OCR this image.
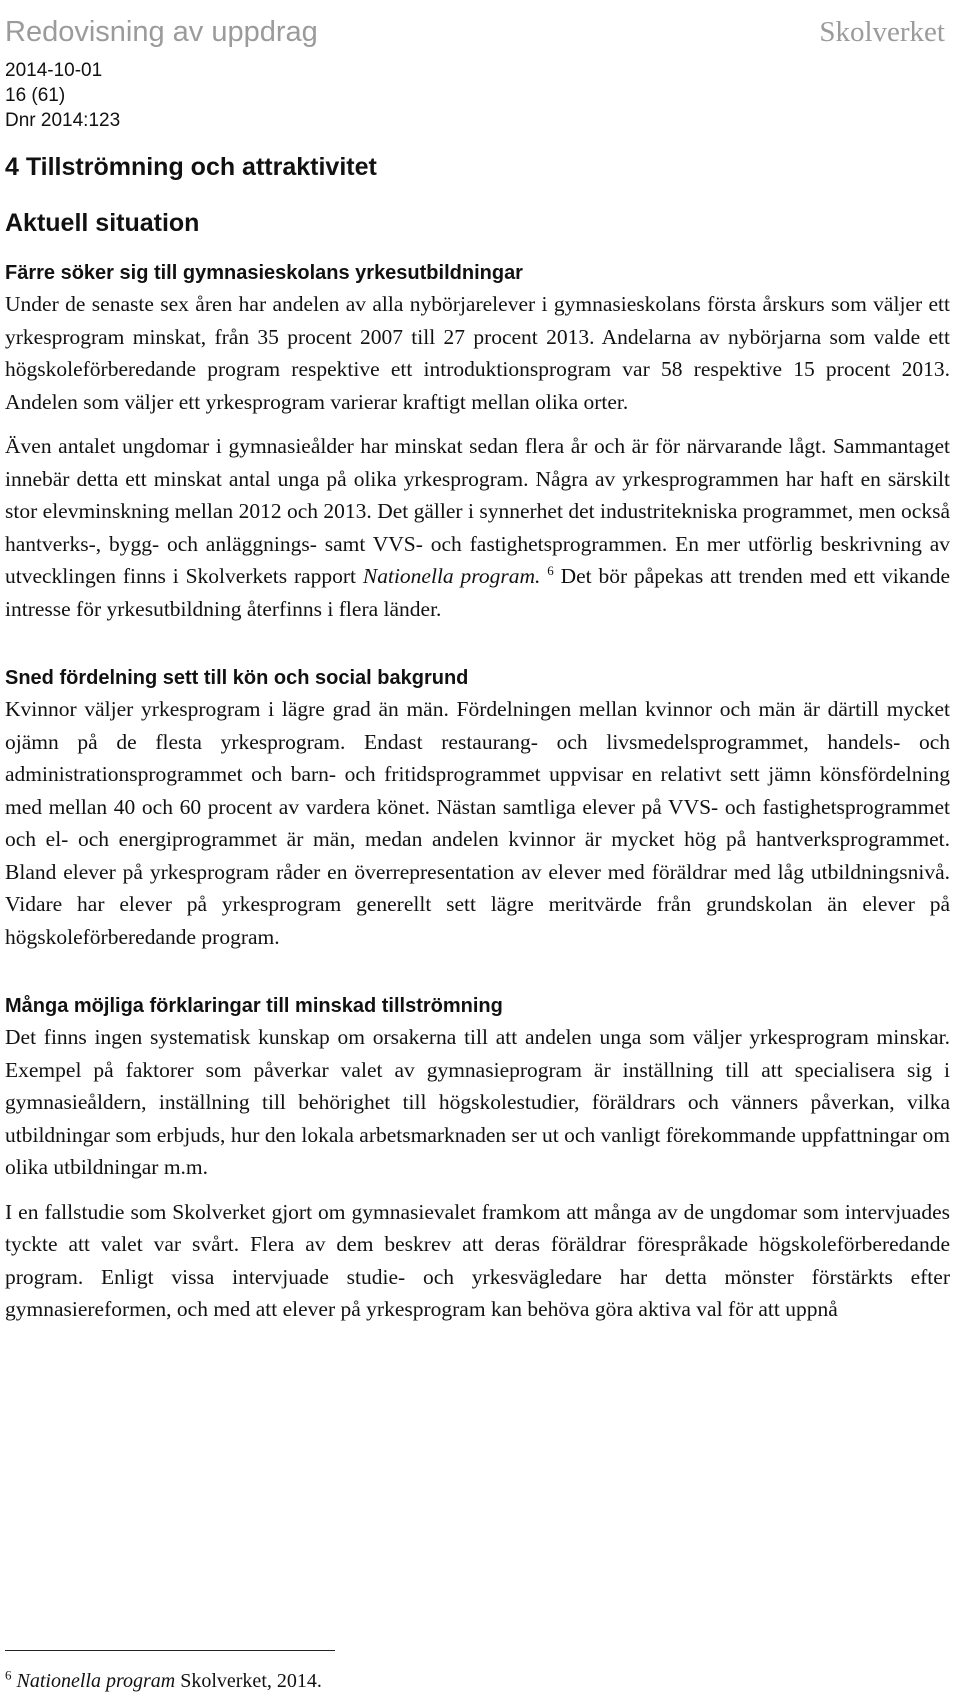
Redovisning av uppdrag	Skolverket
2014-10-01
16 (61)
Dnr 2014:123
4 Tillströmning och attraktivitet
Aktuell situation
Färre söker sig till gymnasieskolans yrkesutbildningar

Under de senaste sex åren har andelen av alla nybörjarelever i gymnasieskolans första årskurs som väljer ett yrkesprogram minskat, från 35 procent 2007 till 27 procent 2013. Andelarna av nybörjarna som valde ett högskoleförberedande program respektive ett introduktionsprogram var 58 respektive 15 procent 2013. Andelen som väljer ett yrkesprogram varierar kraftigt mellan olika orter.

Även antalet ungdomar i gymnasieålder har minskat sedan flera år och är för närvarande lågt. Sammantaget innebär detta ett minskat antal unga på olika yrkesprogram. Några av yrkesprogrammen har haft en särskilt stor elevminskning mellan 2012 och 2013. Det gäller i synnerhet det industritekniska programmet, men också hantverks-, bygg- och anläggnings- samt VVS- och fastighetsprogrammen. En mer utförlig beskrivning av utvecklingen finns i Skolverkets rapport Nationella program. $^6$ Det bör påpekas att trenden med ett vikande intresse för yrkesutbildning återfinns i flera länder.

Sned fördelning sett till kön och social bakgrund

Kvinnor väljer yrkesprogram i lägre grad än män. Fördelningen mellan kvinnor och män är därtill mycket ojämn på de flesta yrkesprogram. Endast restaurang- och livsmedelsprogrammet, handels- och administrationsprogrammet och barn- och fritidsprogrammet uppvisar en relativt sett jämn könsfördelning med mellan 40 och 60 procent av vardera könet. Nästan samtliga elever på VVS- och fastighetsprogrammet och el- och energiprogrammet är män, medan andelen kvinnor är mycket hög på hantverksprogrammet. Bland elever på yrkesprogram råder en överrepresentation av elever med föräldrar med låg utbildningsnivå. Vidare har elever på yrkesprogram generellt sett lägre meritvärde från grundskolan än elever på högskoleförberedande program.

Många möjliga förklaringar till minskad tillströmning

Det finns ingen systematisk kunskap om orsakerna till att andelen unga som väljer yrkesprogram minskar. Exempel på faktorer som påverkar valet av gymnasieprogram är inställning till att specialisera sig i gymnasieåldern, inställning till behörighet till högskolestudier, föräldrars och vänners påverkan, vilka utbildningar som erbjuds, hur den lokala arbetsmarknaden ser ut och vanligt förekommande uppfattningar om olika utbildningar m.m.

I en fallstudie som Skolverket gjort om gymnasievalet framkom att många av de ungdomar som intervjuades tyckte att valet var svårt. Flera av dem beskrev att deras föräldrar förespråkade högskoleförberedande program. Enligt vissa intervjuade studie- och yrkesvägledare har detta mönster förstärkts efter gymnasiereformen, och med att elever på yrkesprogram kan behöva göra aktiva val för att uppnå

$^6$ Nationella program Skolverket, 2014.
